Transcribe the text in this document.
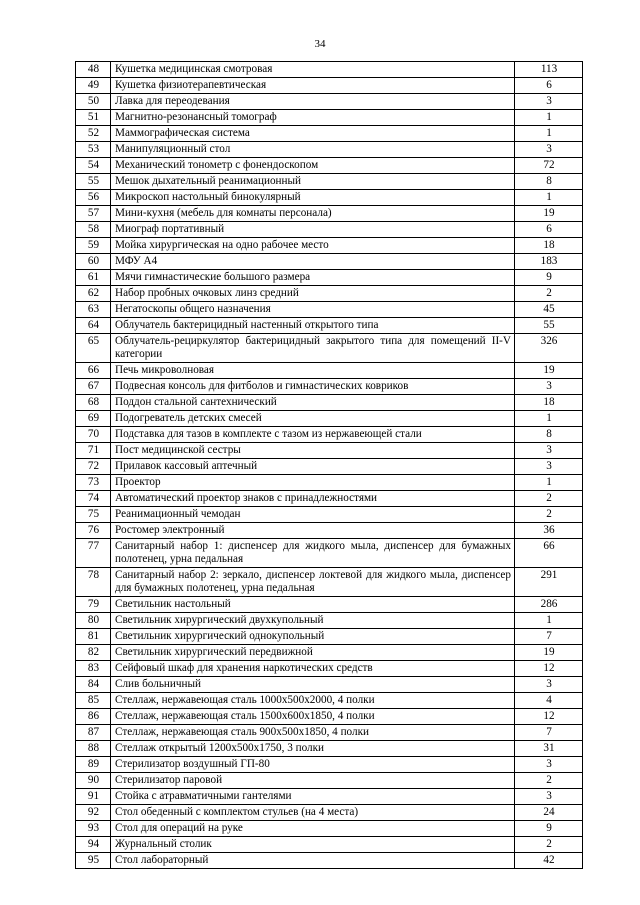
34
48	Кушетка медицинская смотровая	113
49	Кушетка физиотерапевтическая	6
50	Лавка для переодевания	3
51	Магнитно-резонансный томограф	1
52	Маммографическая система	1
53	Манипуляционный стол	3
54	Механический тонометр с фонендоскопом	72
55	Мешок дыхательный реанимационный	8
56	Микроскоп настольный бинокулярный	1
57	Мини-кухня (мебель для комнаты персонала)	19
58	Миограф портативный	6
59	Мойка хирургическая на одно рабочее место	18
60	МФУ А4	183
61	Мячи гимнастические большого размера	9
62	Набор пробных очковых линз средний	2
63	Негатоскопы общего назначения	45
64	Облучатель бактерицидный настенный открытого типа	55
65	Облучатель-рециркулятор бактерицидный закрытого типа для помещений II-V категории	326
66	Печь микроволновая	19
67	Подвесная консоль для фитболов и гимнастических ковриков	3
68	Поддон стальной сантехнический	18
69	Подогреватель детских смесей	1
70	Подставка для тазов в комплекте с тазом из нержавеющей стали	8
71	Пост медицинской сестры	3
72	Прилавок кассовый аптечный	3
73	Проектор	1
74	Автоматический проектор знаков с принадлежностями	2
75	Реанимационный чемодан	2
76	Ростомер электронный	36
77	Санитарный набор 1: диспенсер для жидкого мыла, диспенсер для бумажных полотенец, урна педальная	66
78	Санитарный набор 2: зеркало, диспенсер локтевой для жидкого мыла, диспенсер для бумажных полотенец, урна педальная	291
79	Светильник настольный	286
80	Светильник хирургический двухкупольный	1
81	Светильник хирургический однокупольный	7
82	Светильник хирургический передвижной	19
83	Сейфовый шкаф для хранения наркотических средств	12
84	Слив больничный	3
85	Стеллаж, нержавеющая сталь 1000х500х2000, 4 полки	4
86	Стеллаж, нержавеющая сталь 1500х600х1850, 4 полки	12
87	Стеллаж, нержавеющая сталь 900х500х1850, 4 полки	7
88	Стеллаж открытый 1200х500х1750, 3 полки	31
89	Стерилизатор воздушный ГП-80	3
90	Стерилизатор паровой	2
91	Стойка с атравматичными гантелями	3
92	Стол обеденный с комплектом стульев (на 4 места)	24
93	Стол для операций на руке	9
94	Журнальный столик	2
95	Стол лабораторный	42
